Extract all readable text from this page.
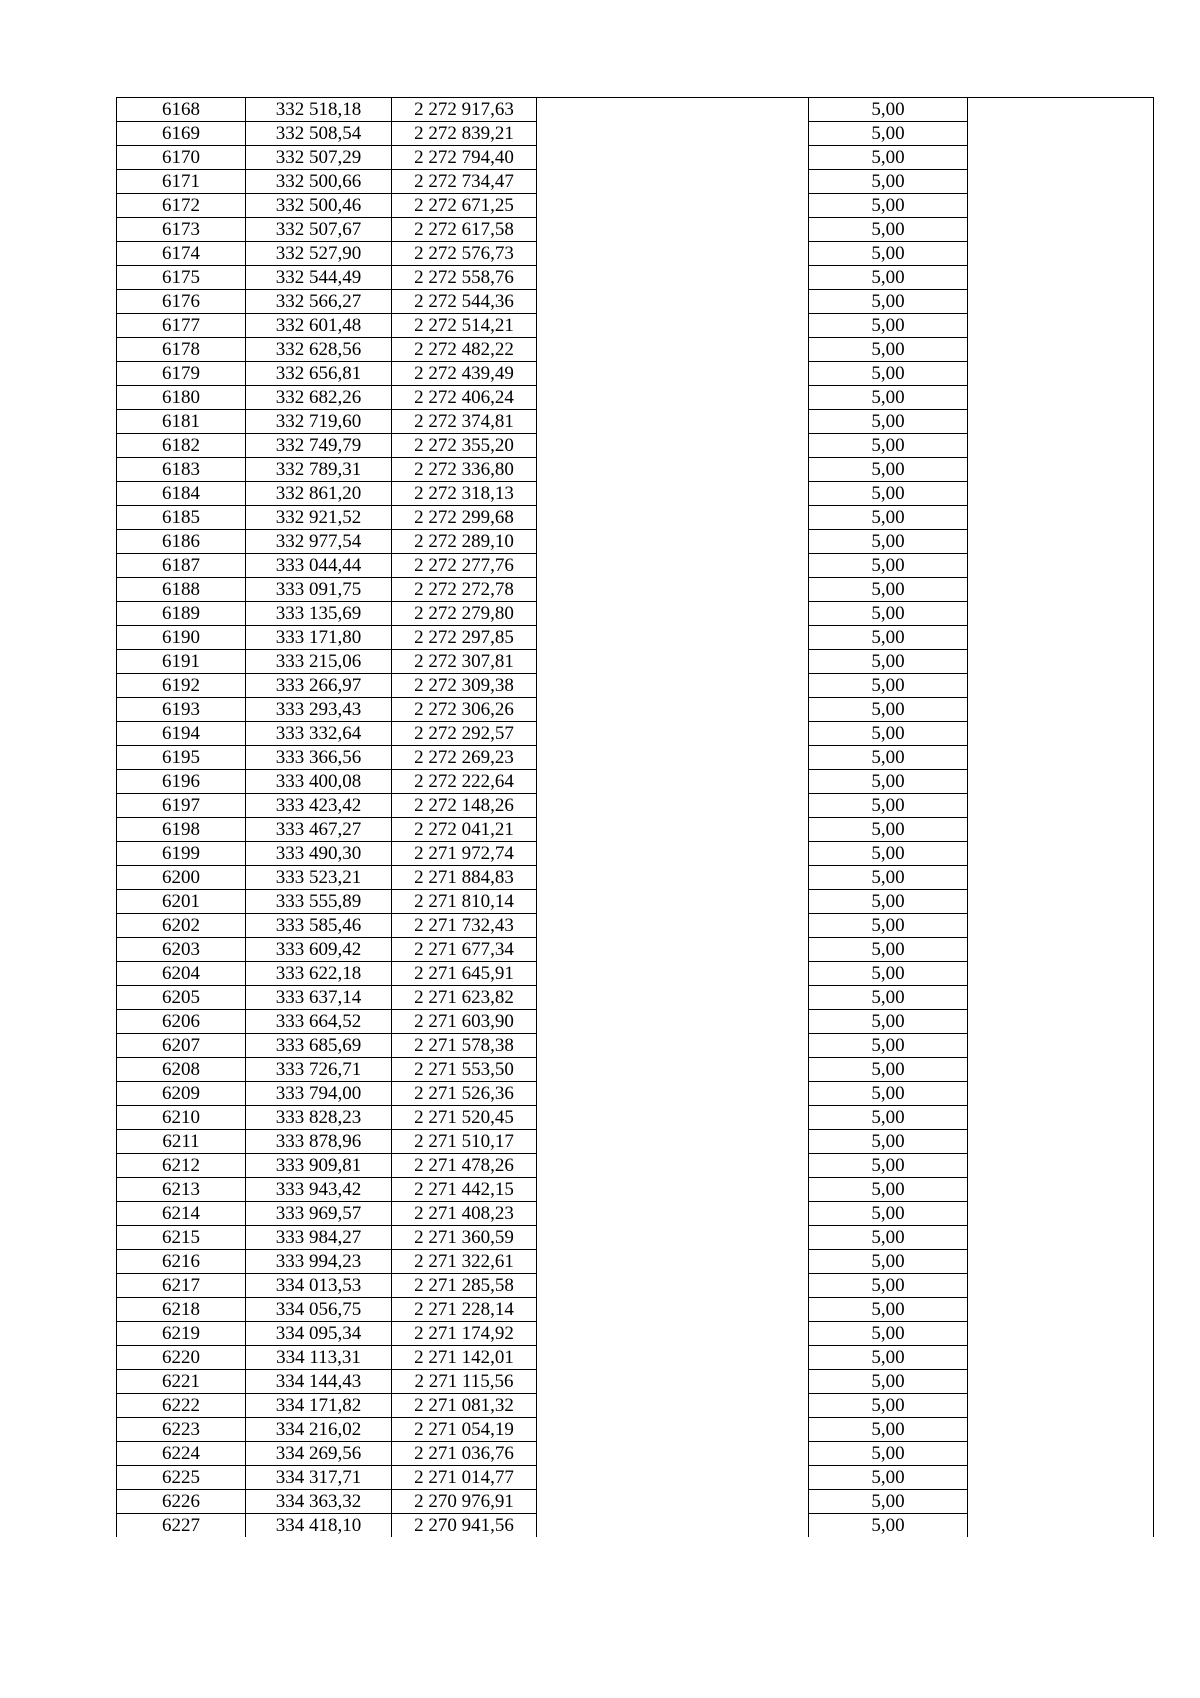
6168	332 518,18	2 272 917,63		5,00	
6169	332 508,54	2 272 839,21		5,00	
6170	332 507,29	2 272 794,40		5,00	
6171	332 500,66	2 272 734,47		5,00	
6172	332 500,46	2 272 671,25		5,00	
6173	332 507,67	2 272 617,58		5,00	
6174	332 527,90	2 272 576,73		5,00	
6175	332 544,49	2 272 558,76		5,00	
6176	332 566,27	2 272 544,36		5,00	
6177	332 601,48	2 272 514,21		5,00	
6178	332 628,56	2 272 482,22		5,00	
6179	332 656,81	2 272 439,49		5,00	
6180	332 682,26	2 272 406,24		5,00	
6181	332 719,60	2 272 374,81		5,00	
6182	332 749,79	2 272 355,20		5,00	
6183	332 789,31	2 272 336,80		5,00	
6184	332 861,20	2 272 318,13		5,00	
6185	332 921,52	2 272 299,68		5,00	
6186	332 977,54	2 272 289,10		5,00	
6187	333 044,44	2 272 277,76		5,00	
6188	333 091,75	2 272 272,78		5,00	
6189	333 135,69	2 272 279,80		5,00	
6190	333 171,80	2 272 297,85		5,00	
6191	333 215,06	2 272 307,81		5,00	
6192	333 266,97	2 272 309,38		5,00	
6193	333 293,43	2 272 306,26		5,00	
6194	333 332,64	2 272 292,57		5,00	
6195	333 366,56	2 272 269,23		5,00	
6196	333 400,08	2 272 222,64		5,00	
6197	333 423,42	2 272 148,26		5,00	
6198	333 467,27	2 272 041,21		5,00	
6199	333 490,30	2 271 972,74		5,00	
6200	333 523,21	2 271 884,83		5,00	
6201	333 555,89	2 271 810,14		5,00	
6202	333 585,46	2 271 732,43		5,00	
6203	333 609,42	2 271 677,34		5,00	
6204	333 622,18	2 271 645,91		5,00	
6205	333 637,14	2 271 623,82		5,00	
6206	333 664,52	2 271 603,90		5,00	
6207	333 685,69	2 271 578,38		5,00	
6208	333 726,71	2 271 553,50		5,00	
6209	333 794,00	2 271 526,36		5,00	
6210	333 828,23	2 271 520,45		5,00	
6211	333 878,96	2 271 510,17		5,00	
6212	333 909,81	2 271 478,26		5,00	
6213	333 943,42	2 271 442,15		5,00	
6214	333 969,57	2 271 408,23		5,00	
6215	333 984,27	2 271 360,59		5,00	
6216	333 994,23	2 271 322,61		5,00	
6217	334 013,53	2 271 285,58		5,00	
6218	334 056,75	2 271 228,14		5,00	
6219	334 095,34	2 271 174,92		5,00	
6220	334 113,31	2 271 142,01		5,00	
6221	334 144,43	2 271 115,56		5,00	
6222	334 171,82	2 271 081,32		5,00	
6223	334 216,02	2 271 054,19		5,00	
6224	334 269,56	2 271 036,76		5,00	
6225	334 317,71	2 271 014,77		5,00	
6226	334 363,32	2 270 976,91		5,00	
6227	334 418,10	2 270 941,56		5,00	
